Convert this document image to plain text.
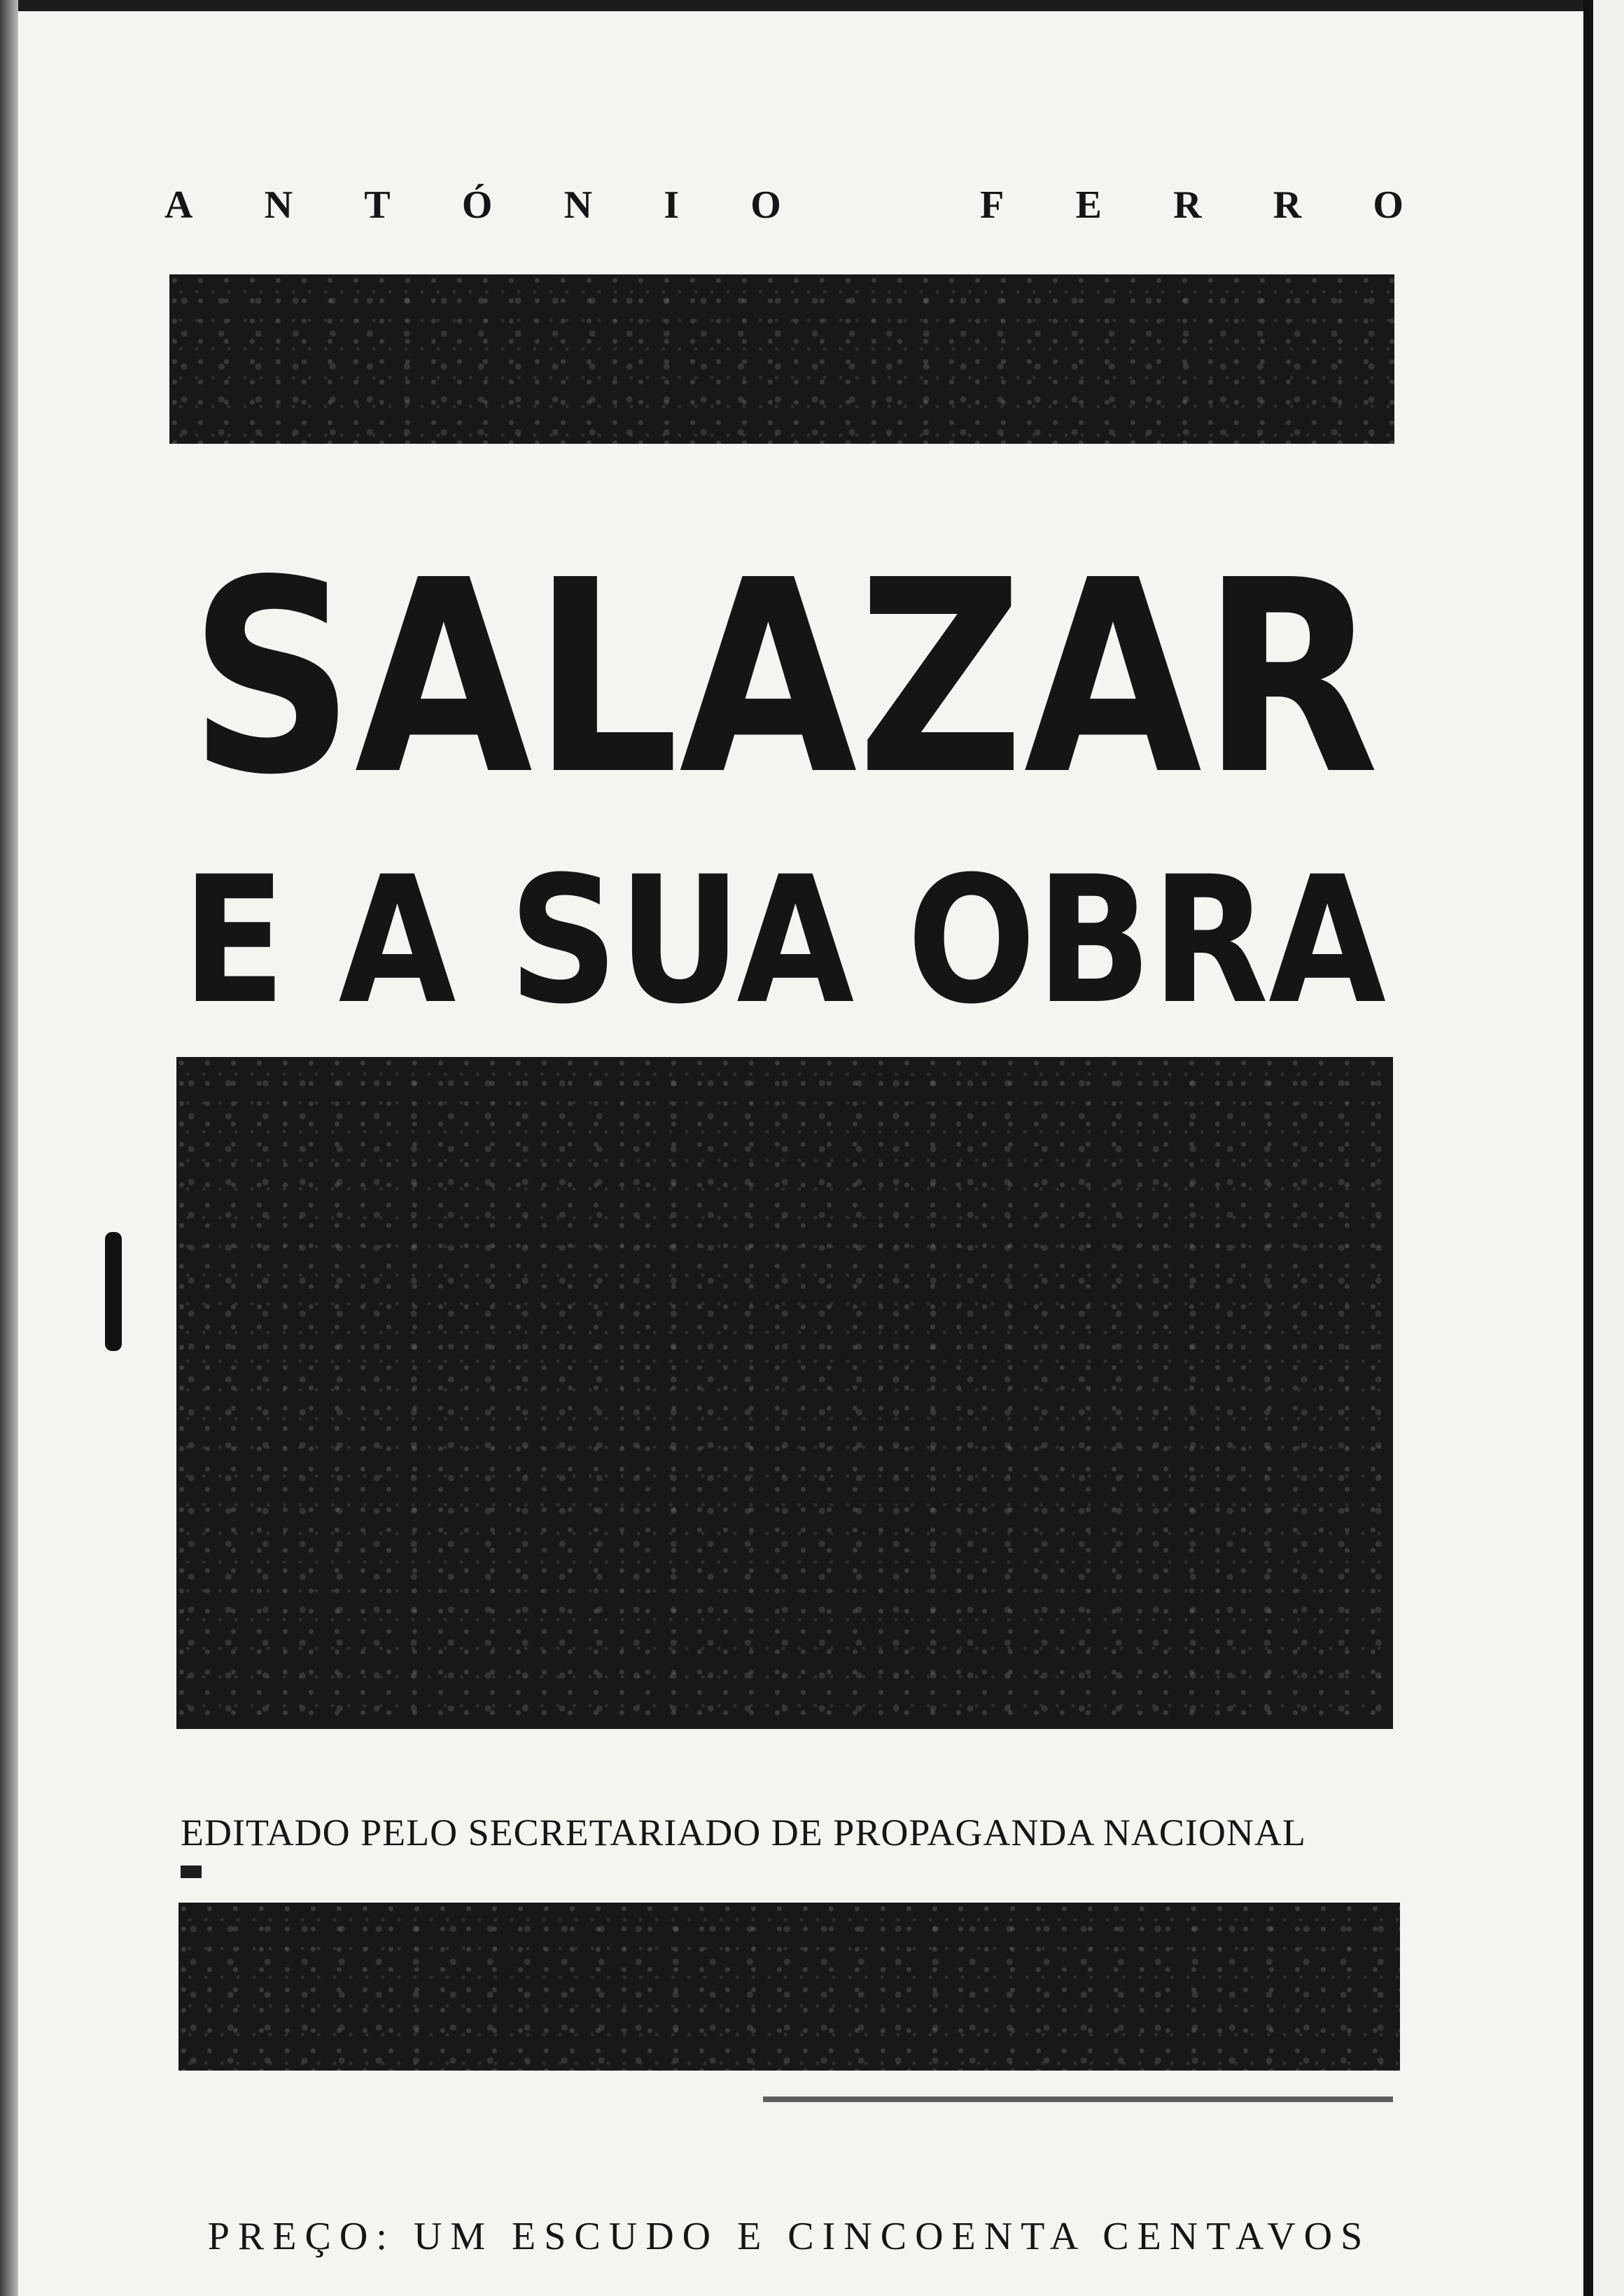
A N T Ó N I O	F E R R O
SALAZAR
E A SUA OBRA
EDITADO PELO SECRETARIADO DE PROPAGANDA NACIONAL
PREÇO: UM ESCUDO E CINCOENTA CENTAVOS
